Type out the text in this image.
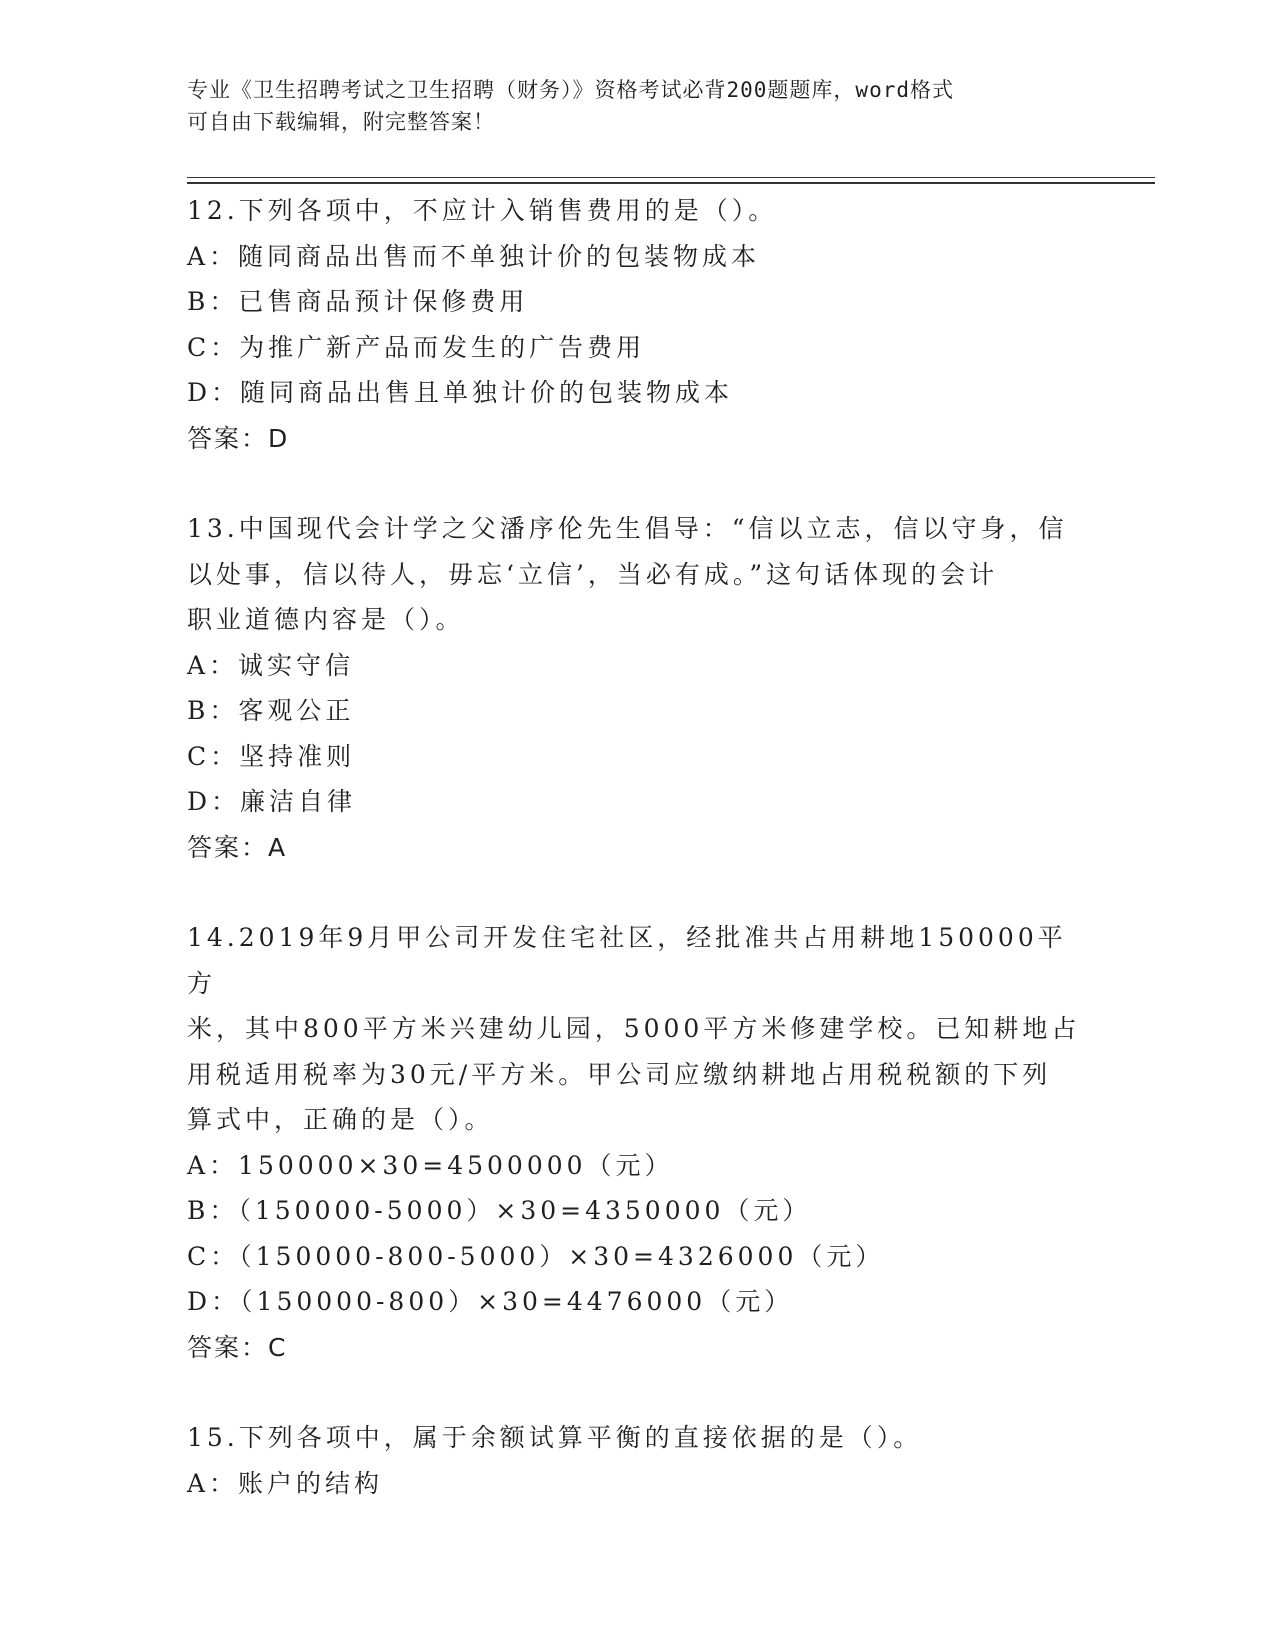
专业《卫生招聘考试之卫生招聘（财务）》资格考试必背200题题库，word格式
可自由下载编辑，附完整答案！

12.下列各项中，不应计入销售费用的是（）。

A：随同商品出售而不单独计价的包装物成本

B：已售商品预计保修费用

C：为推广新产品而发生的广告费用

D：随同商品出售且单独计价的包装物成本

答案：D

13.中国现代会计学之父潘序伦先生倡导：“信以立志，信以守身，信

以处事，信以待人，毋忘‘立信’，当必有成。”这句话体现的会计

职业道德内容是（）。

A：诚实守信

B：客观公正

C：坚持准则

D：廉洁自律

答案：A

14.2019年9月甲公司开发住宅社区，经批准共占用耕地150000平方

米，其中800平方米兴建幼儿园，5000平方米修建学校。已知耕地占

用税适用税率为30元/平方米。甲公司应缴纳耕地占用税税额的下列

算式中，正确的是（）。

A：150000×30=4500000（元）

B：（150000-5000）×30=4350000（元）

C：（150000-800-5000）×30=4326000（元）

D：（150000-800）×30=4476000（元）

答案：C

15.下列各项中，属于余额试算平衡的直接依据的是（）。

A：账户的结构
